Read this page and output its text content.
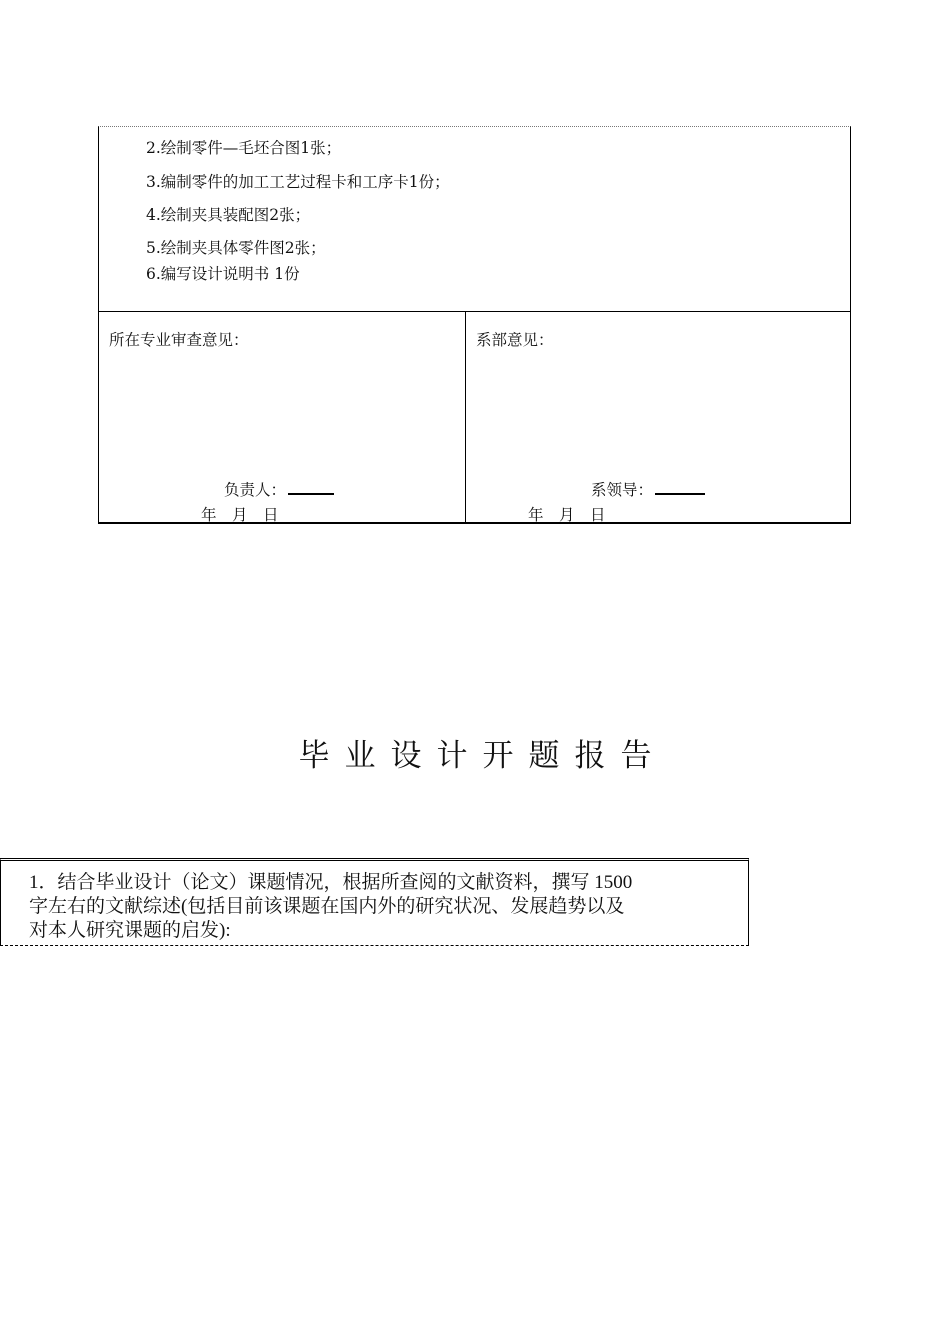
2.绘制零件—毛坯合图1张；
3.编制零件的加工工艺过程卡和工序卡1份；
4.绘制夹具装配图2张；
5.绘制夹具体零件图2张；
6.编写设计说明书 1份
所在专业审查意见：
负责人：
年　月　日
系部意见：
系领导：
年　月　日
毕业设计开题报告
1．结合毕业设计（论文）课题情况，根据所查阅的文献资料，撰写 1500
字左右的文献综述(包括目前该课题在国内外的研究状况、发展趋势以及
对本人研究课题的启发):
